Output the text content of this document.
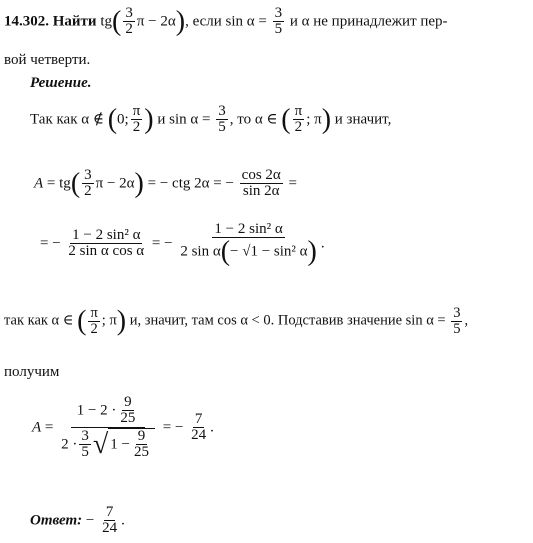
14.302. Найти $tg( \frac{3}{2}$ π − 2α), если $\sin \alpha = \frac{3}{5}$ и α не принадлежит пер-
вой четверти.
Решение.
Так как α ∉ (0; $\frac{\pi}{2}$ ) и $\sin \alpha = \frac{3}{5}$ , то α ∈ ( $\frac{\pi}{2}$ ; π) и значит,
$A = tg( \frac{3}{2}$ π − 2α) = − ctg 2α = − $\frac{\cos 2\alpha}{\sin 2\alpha}$ =
= − $\frac{\text{1 − 2 sin² α}}{\text{2 sin α cos α}}$ = − $\frac{\text{1 − 2 sin² α}}{\text{2 sin α(− √1 − sin² α)}}$ .
так как α ∈ ( $\frac{\pi}{2}$ ; π) и, значит, там cos α < 0. Подставив значение $\sin \alpha = \frac{3}{5}$ ,
получим
$A = \frac{1 - 2 \cdot \frac{9}{25}}{2 \cdot \frac{3}{5} √ 1 - \frac{9}{25}}$ = − $\frac{7}{24}$ .
Ответ: − $\frac{7}{24}$ .
